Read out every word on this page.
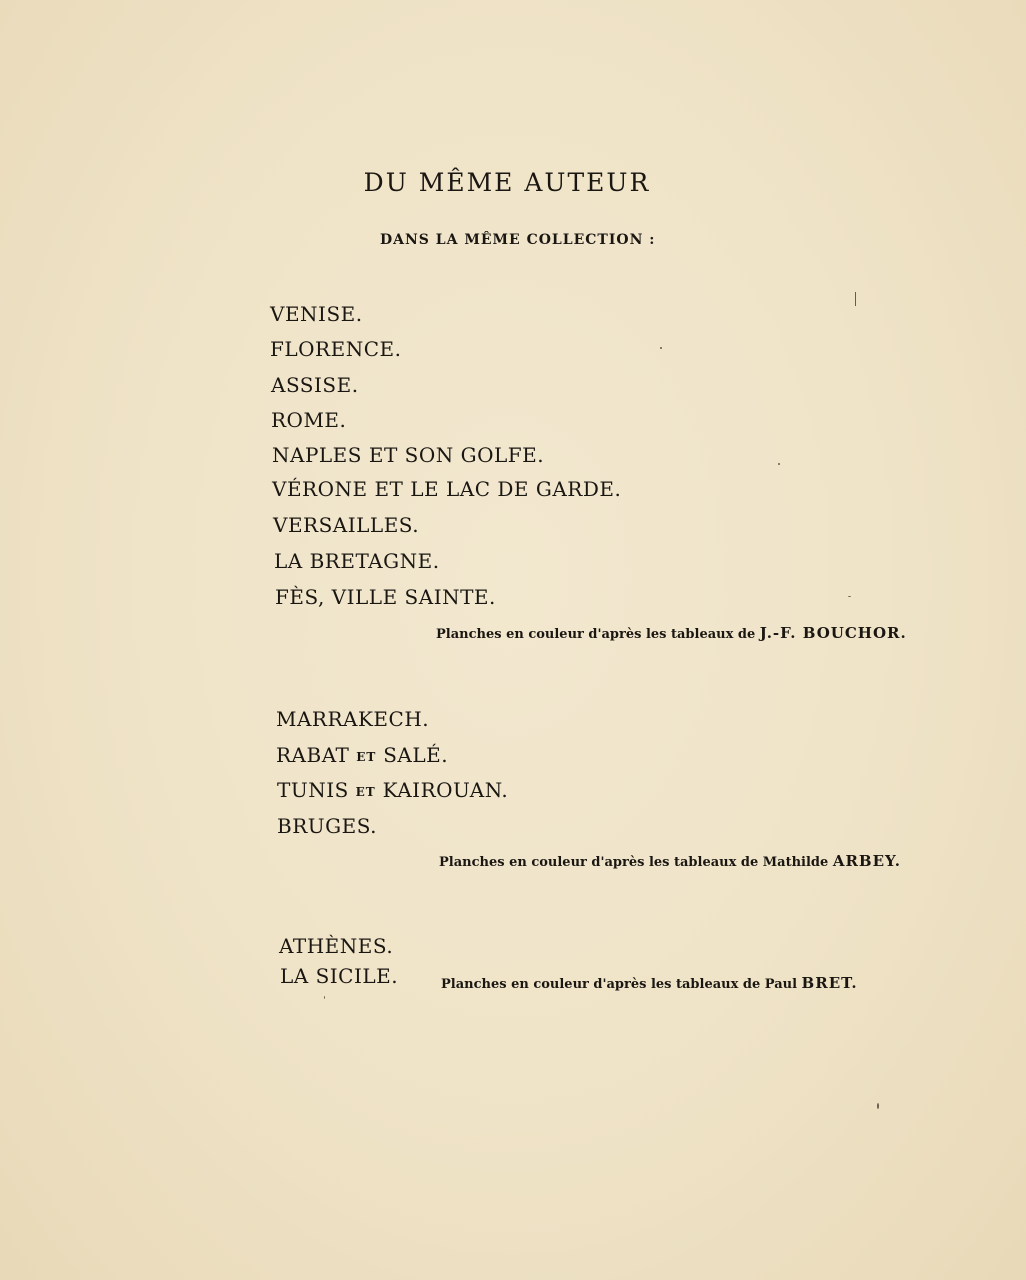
DU MÊME AUTEUR
DANS LA MÊME COLLECTION :
VENISE.
FLORENCE.
ASSISE.
ROME.
NAPLES ET SON GOLFE.
VÉRONE ET LE LAC DE GARDE.
VERSAILLES.
LA BRETAGNE.
FÈS, VILLE SAINTE.
Planches en couleur d'après les tableaux de J.-F. BOUCHOR.
MARRAKECH.
RABAT ET SALÉ.
TUNIS ET KAIROUAN.
BRUGES.
Planches en couleur d'après les tableaux de Mathilde ARBEY.
ATHÈNES.
LA SICILE.	Planches en couleur d'après les tableaux de Paul BRET.
